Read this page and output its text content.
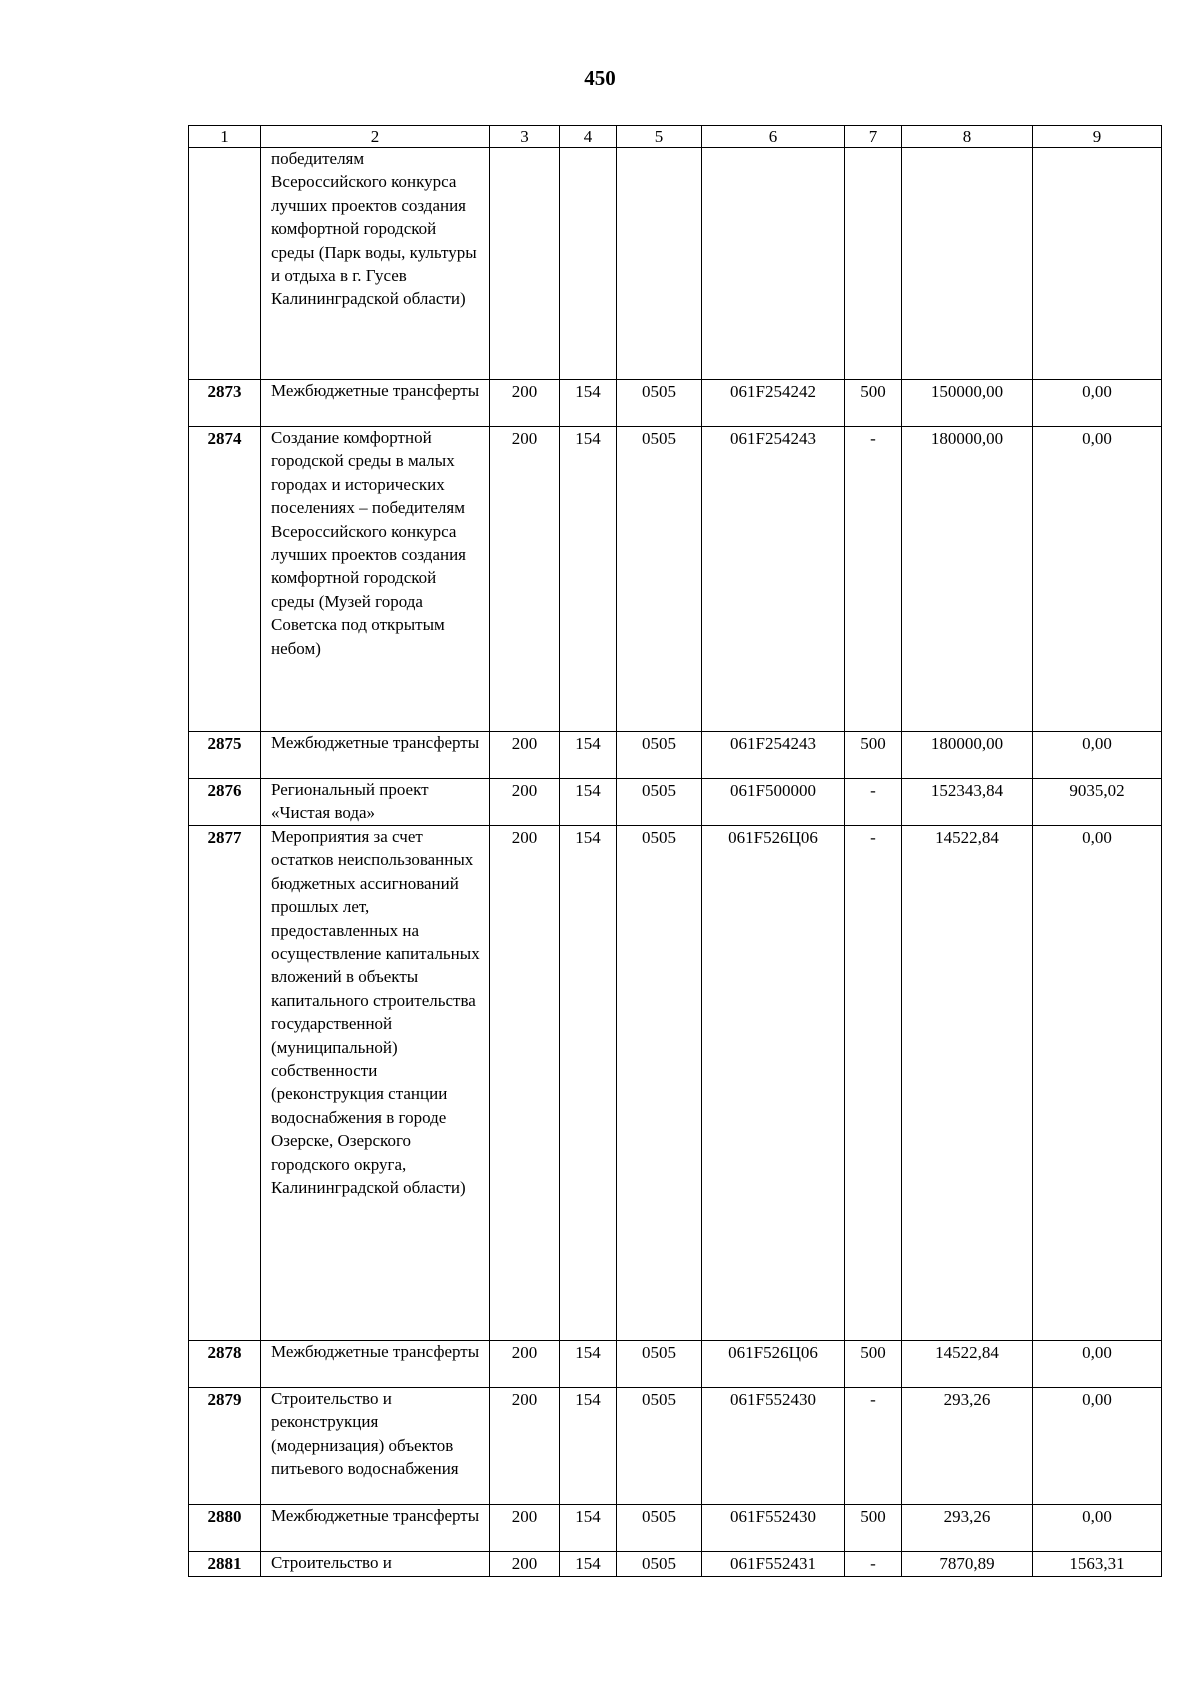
450
1	2	3	4	5	6	7	8	9

	победителям Всероссийского конкурса лучших проектов создания комфортной городской среды (Парк воды, культуры и отдыха в г. Гусев Калининградской области)							

2873	Межбюджетные трансферты	200	154	0505	061F254242	500	150000,00	0,00
2874	Создание комфортной городской среды в малых городах и исторических поселениях – победителям Всероссийского конкурса лучших проектов создания комфортной городской среды (Музей города Советска под открытым небом)	200	154	0505	061F254243	-	180000,00	0,00
2875	Межбюджетные трансферты	200	154	0505	061F254243	500	180000,00	0,00
2876	Региональный проект «Чистая вода»	200	154	0505	061F500000	-	152343,84	9035,02
2877	Мероприятия за счет остатков неиспользованных бюджетных ассигнований прошлых лет, предоставленных на осуществление капитальных вложений в объекты капитального строительства государственной (муниципальной) собственности (реконструкция станции водоснабжения в городе Озерске, Озерского городского округа, Калининградской области)	200	154	0505	061F526Ц06	-	14522,84	0,00
2878	Межбюджетные трансферты	200	154	0505	061F526Ц06	500	14522,84	0,00
2879	Строительство и реконструкция (модернизация) объектов питьевого водоснабжения	200	154	0505	061F552430	-	293,26	0,00
2880	Межбюджетные трансферты	200	154	0505	061F552430	500	293,26	0,00
2881	Строительство и	200	154	0505	061F552431	-	7870,89	1563,31
